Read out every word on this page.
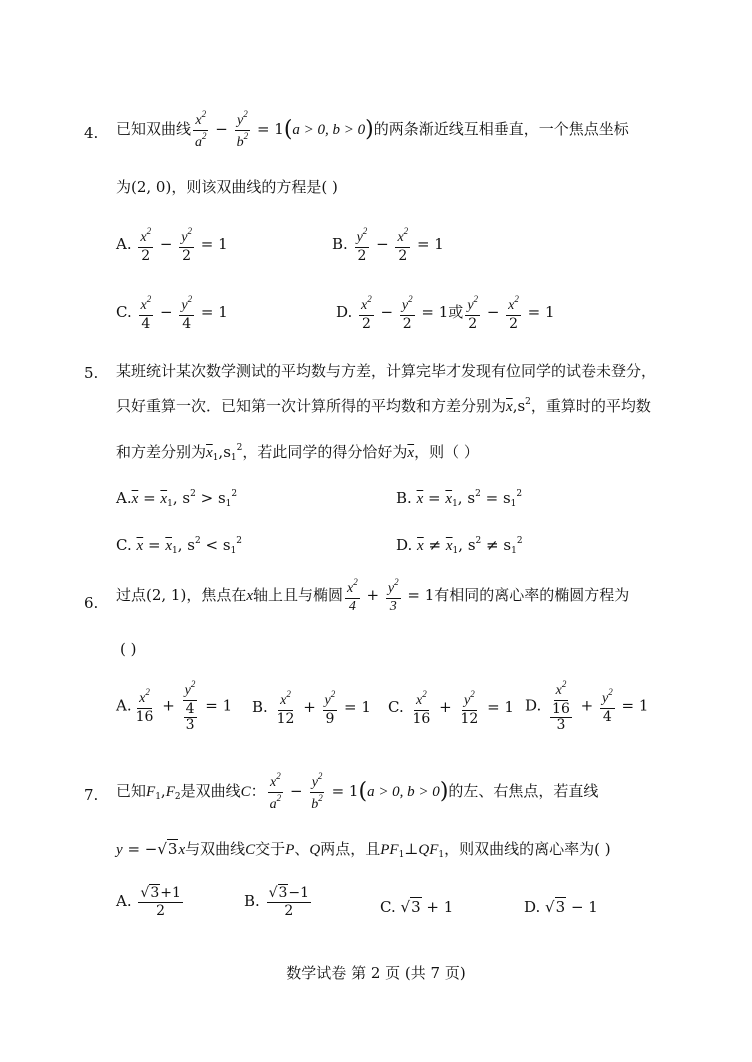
4. 已知双曲线 $\frac{x^2}{a^2} - \frac{y^2}{b^2} = 1(a > 0$, b > 0)的两条渐近线互相垂直，一个焦点坐标
为(2, 0)，则该双曲线的方程是( )
A. $\frac{x^2}{2} - \frac{y^2}{2} = 1$	B. $\frac{y^2}{2} - \frac{x^2}{2} = 1$
C. $\frac{x^2}{4} - \frac{y^2}{4} = 1$	D. $\frac{x^2}{2} - \frac{y^2}{2} = 1$或 $\frac{y^2}{2} - \frac{x^2}{2} = 1$
5. 某班统计某次数学测试的平均数与方差，计算完毕才发现有位同学的试卷未登分，
只好重算一次．已知第一次计算所得的平均数和方差分别为$\overline{x},s^2$，重算时的平均数
和方差分别为$\overline{x}_1,s_1^2$，若此同学的得分恰好为$\overline{x}$，则（ ）
$A.\overline{x} = \overline{x}_1$, $s^2 > s_1^2$	B. $\overline{x} = \overline{x}_1$, $s^2 = s_1^2$
C. $\overline{x} = \overline{x}_1$, $s^2 < s_1^2$	D. $\overline{x} \ne \overline{x}_1$, $s^2 \ne s_1^2$
6. 过点(2, 1)，焦点在x轴上且与椭圆 $\frac{x^2}{4} + \frac{y^2}{3} = 1$有相同的离心率的椭圆方程为
( )
A. $\frac{x^2}{16} + y^2$
4
3 = 1 B. $\frac{x^2}{12} + \frac{y^2}{9} = 1$ C. $\frac{x^2}{16} + \frac{y^2}{12} = 1$ D. $x^2$
16
$3 + \frac{y^2}{4} = 1$
7. 已知$F_1,F_2$是双曲线C： $\frac{x^2}{a^2} - \frac{y^2}{b^2} = 1(a > 0$, b > 0)的左、右焦点，若直线
y = −√3x与双曲线C交于P、Q两点，且$PF_1\perp QF_1$，则双曲线的离心率为( )
A. $\frac{√3+1}{2}$	B. $\frac{√3-1}{2}$	C. √3 + 1	D. √3 − 1
数学试卷 第 2 页 (共 7 页)
